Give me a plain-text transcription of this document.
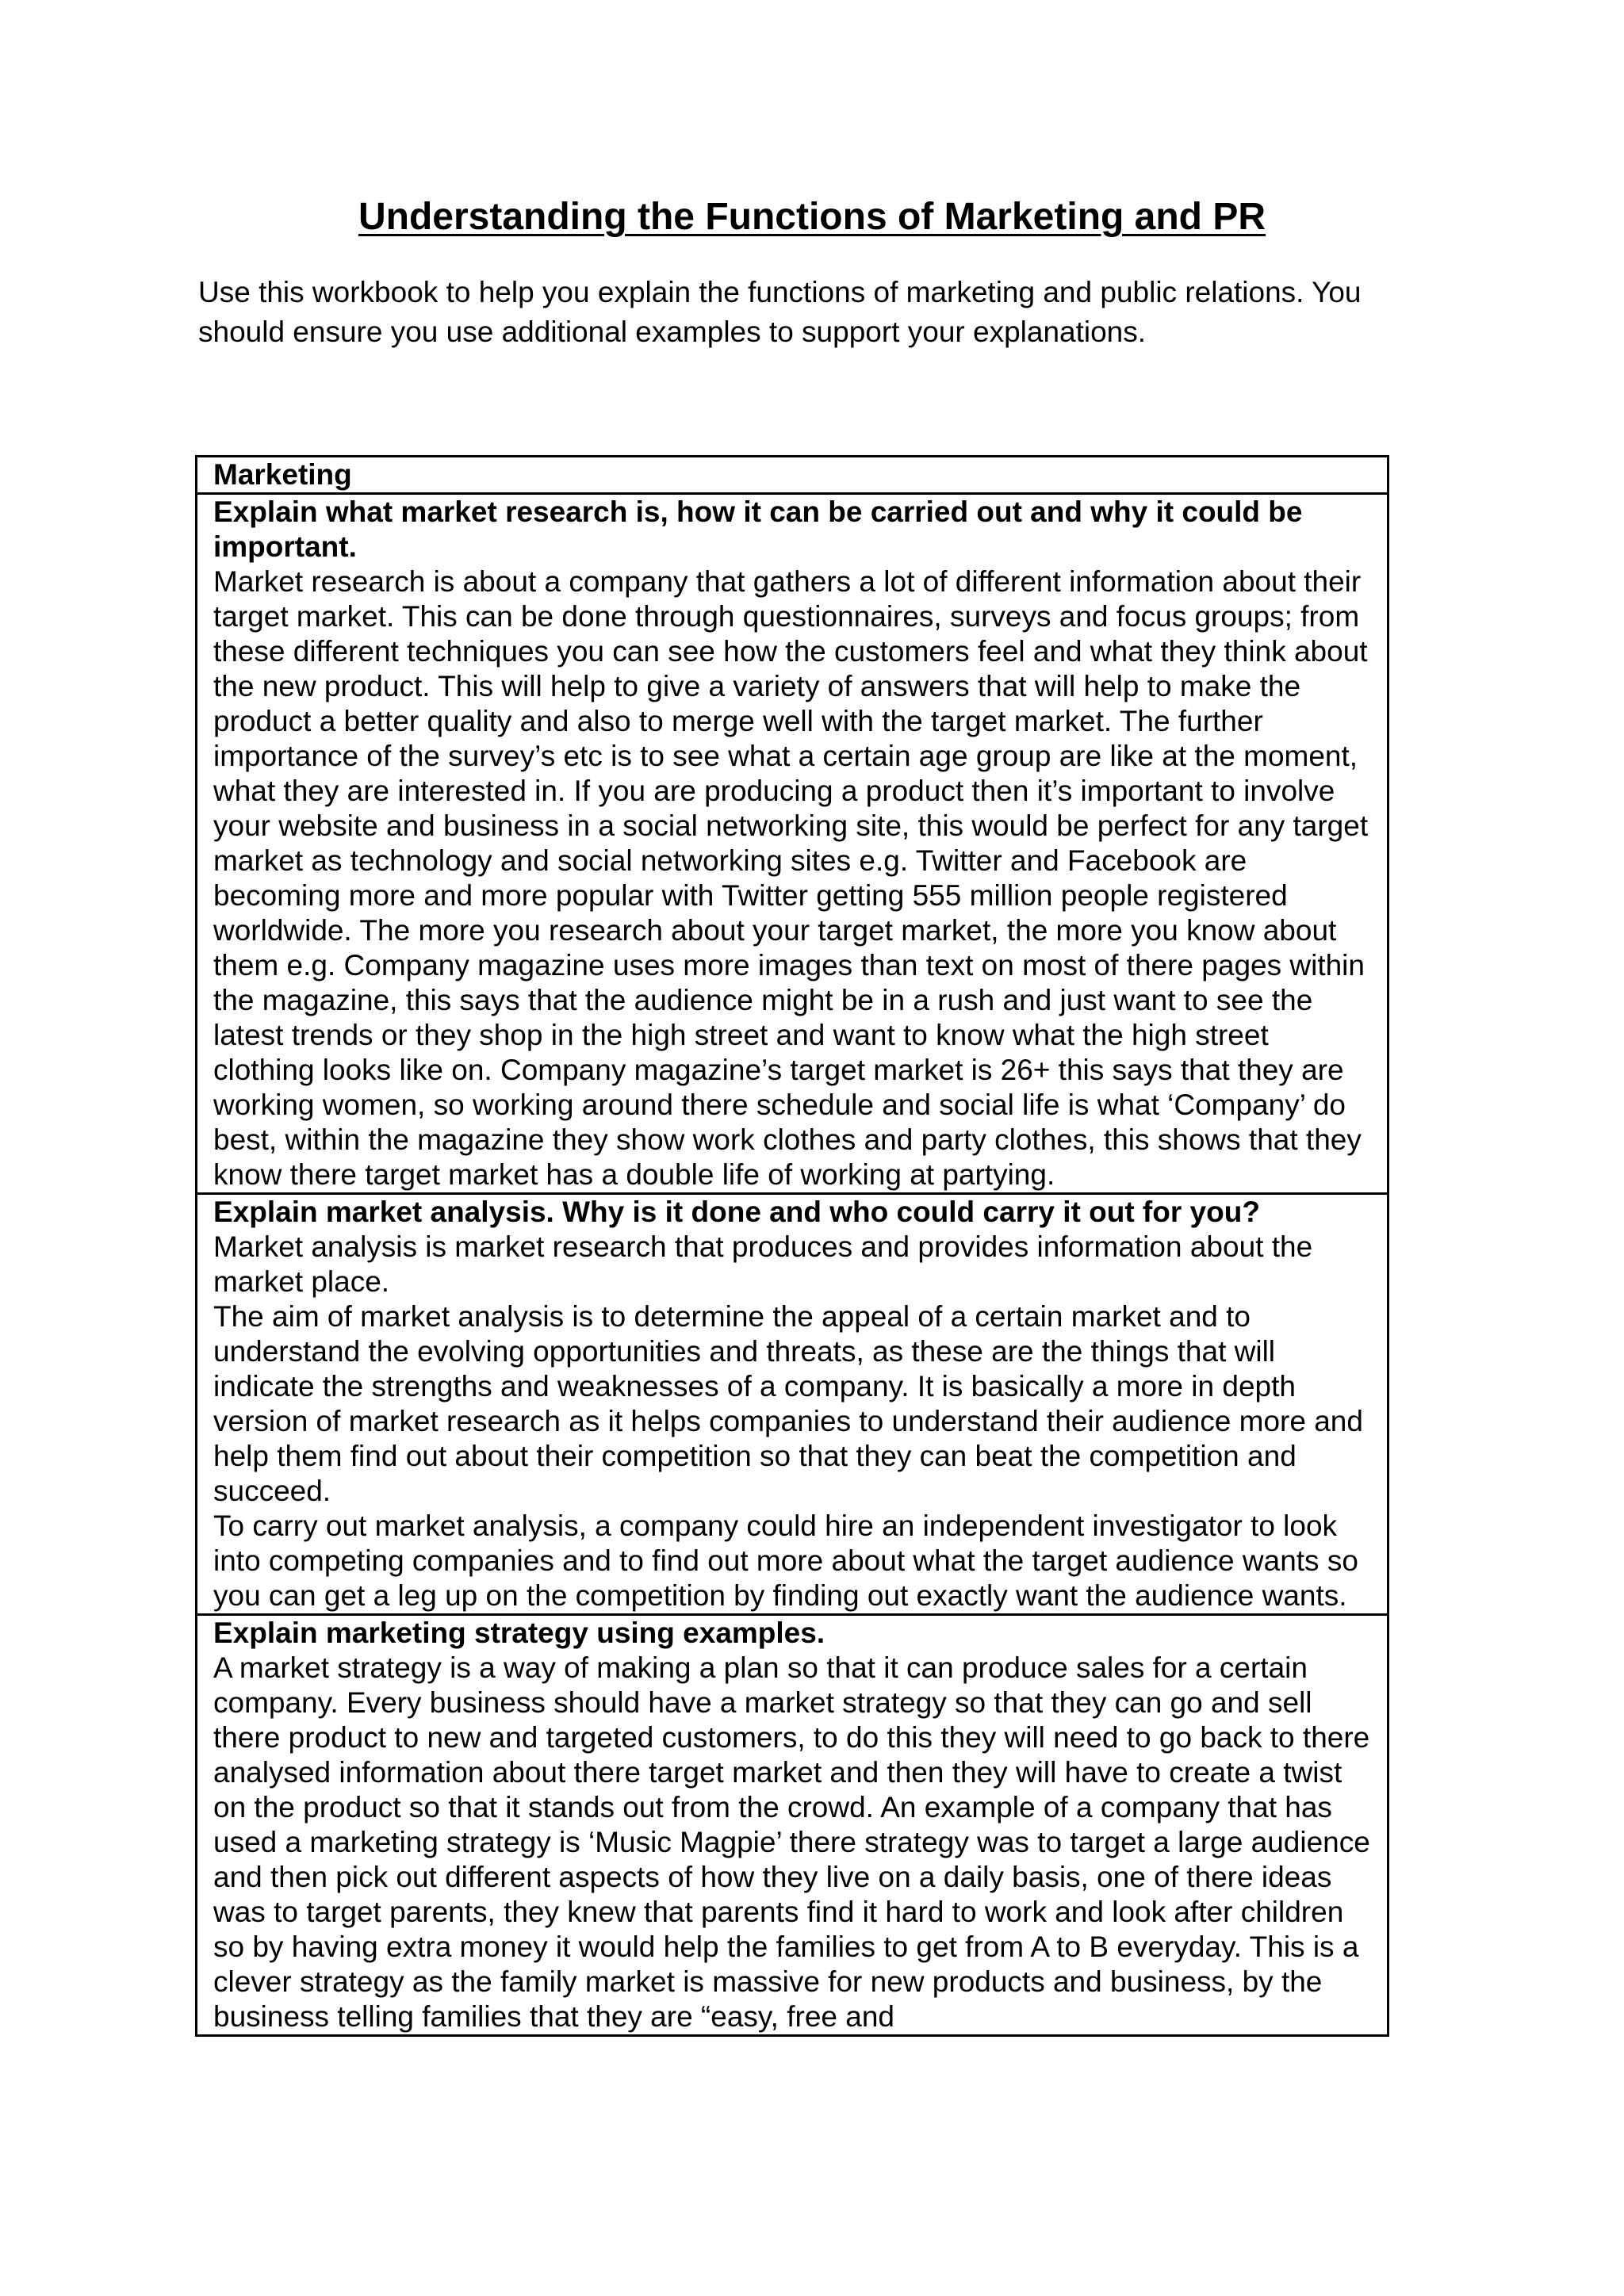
Understanding the Functions of Marketing and PR

Use this workbook to help you explain the functions of marketing and public relations. You should ensure you use additional examples to support your explanations.

Marketing

Explain what market research is, how it can be carried out and why it could be important.

Market research is about a company that gathers a lot of different information about their target market. This can be done through questionnaires, surveys and focus groups; from these different techniques you can see how the customers feel and what they think about the new product. This will help to give a variety of answers that will help to make the product a better quality and also to merge well with the target market. The further importance of the survey’s etc is to see what a certain age group are like at the moment, what they are interested in. If you are producing a product then it’s important to involve your website and business in a social networking site, this would be perfect for any target market as technology and social networking sites e.g. Twitter and Facebook are becoming more and more popular with Twitter getting 555 million people registered worldwide. The more you research about your target market, the more you know about them e.g. Company magazine uses more images than text on most of there pages within the magazine, this says that the audience might be in a rush and just want to see the latest trends or they shop in the high street and want to know what the high street clothing looks like on. Company magazine’s target market is 26+ this says that they are working women, so working around there schedule and social life is what ‘Company’ do best, within the magazine they show work clothes and party clothes, this shows that they know there target market has a double life of working at partying.

Explain market analysis. Why is it done and who could carry it out for you?

Market analysis is market research that produces and provides information about the market place.

The aim of market analysis is to determine the appeal of a certain market and to understand the evolving opportunities and threats, as these are the things that will indicate the strengths and weaknesses of a company. It is basically a more in depth version of market research as it helps companies to understand their audience more and help them find out about their competition so that they can beat the competition and succeed.

To carry out market analysis, a company could hire an independent investigator to look into competing companies and to find out more about what the target audience wants so you can get a leg up on the competition by finding out exactly want the audience wants.

Explain marketing strategy using examples.

A market strategy is a way of making a plan so that it can produce sales for a certain company. Every business should have a market strategy so that they can go and sell there product to new and targeted customers, to do this they will need to go back to there analysed information about there target market and then they will have to create a twist on the product so that it stands out from the crowd. An example of a company that has used a marketing strategy is ‘Music Magpie’ there strategy was to target a large audience and then pick out different aspects of how they live on a daily basis, one of there ideas was to target parents, they knew that parents find it hard to work and look after children so by having extra money it would help the families to get from A to B everyday. This is a clever strategy as the family market is massive for new products and business, by the business telling families that they are “easy, free and
